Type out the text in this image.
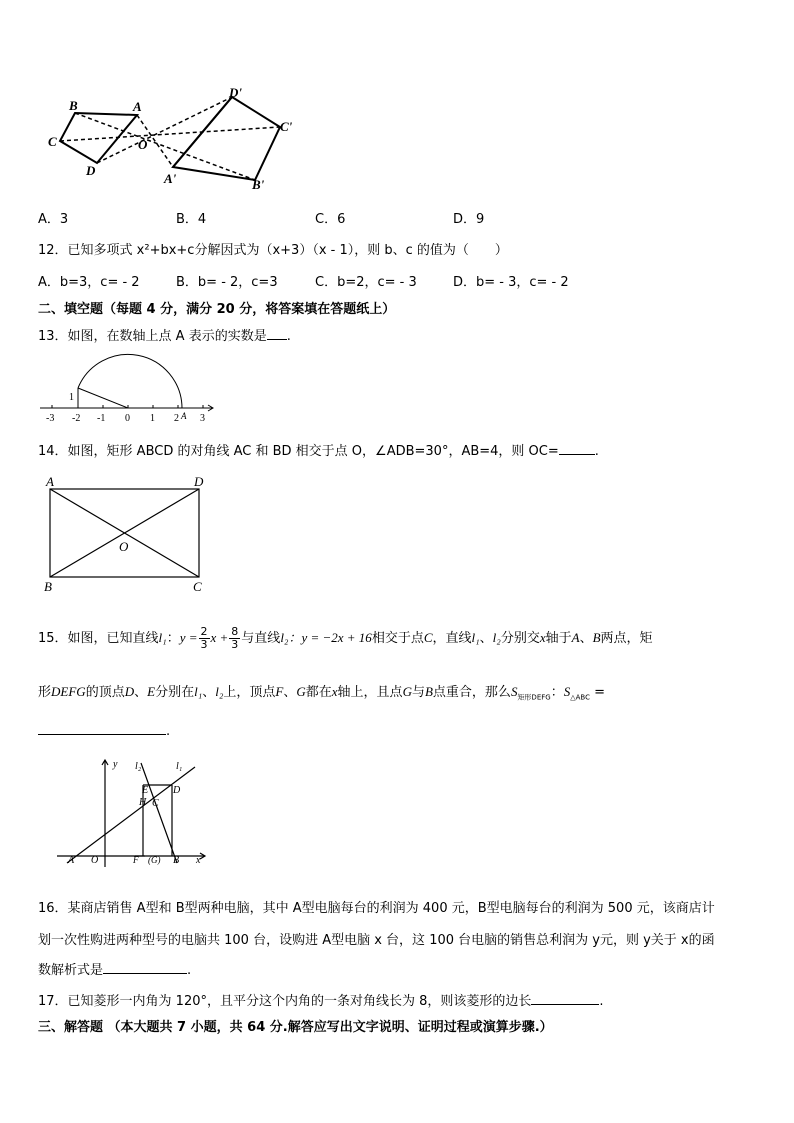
B	A
C
D
O
D'
C'
A'	B'
A．3	B．4	C．6	D．9
12．已知多项式 x²+bx+c分解因式为（x+3）（x - 1），则 b、c 的值为（　　）
A．b=3，c= - 2	B．b= - 2，c=3	C．b=2，c= - 3	D．b= - 3，c= - 2
二、填空题（每题 4 分，满分 20 分，将答案填在答题纸上）
13．如图，在数轴上点 A 表示的实数是 .
1
-3 -2 -1 0 1 2 A 3
14．如图，矩形 ABCD 的对角线 AC 和 BD 相交于点 O，∠ADB=30°，AB=4，则 OC=	.
A	D
O
B	C
15．如图，已知直线l₁：$y = \frac{2}{3}$ $x + \frac{8}{3}$ 与直线l₂：y = −2x + 16相交于点C，直线l₁、l₂分别交x轴于A、B两点，矩
形DEFG的顶点D、E分别在l₁、l₂上，顶点F、G都在x轴上，且点G与B点重合，那么$S_{矩形DEFG}$：$S_{\triangle ABC}$ =
.
y l₂	l₁
E D
H C
A O	F (G) B x
16．某商店销售 A型和 B型两种电脑，其中 A型电脑每台的利润为 400 元，B型电脑每台的利润为 500 元，该商店计
划一次性购进两种型号的电脑共 100 台，设购进 A型电脑 x 台，这 100 台电脑的销售总利润为 y元，则 y关于 x的函
数解析式是	.
17．已知菱形一内角为 120°，且平分这个内角的一条对角线长为 8，则该菱形的边长	.
三、解答题 （本大题共 7 小题，共 64 分.解答应写出文字说明、证明过程或演算步骤.）
